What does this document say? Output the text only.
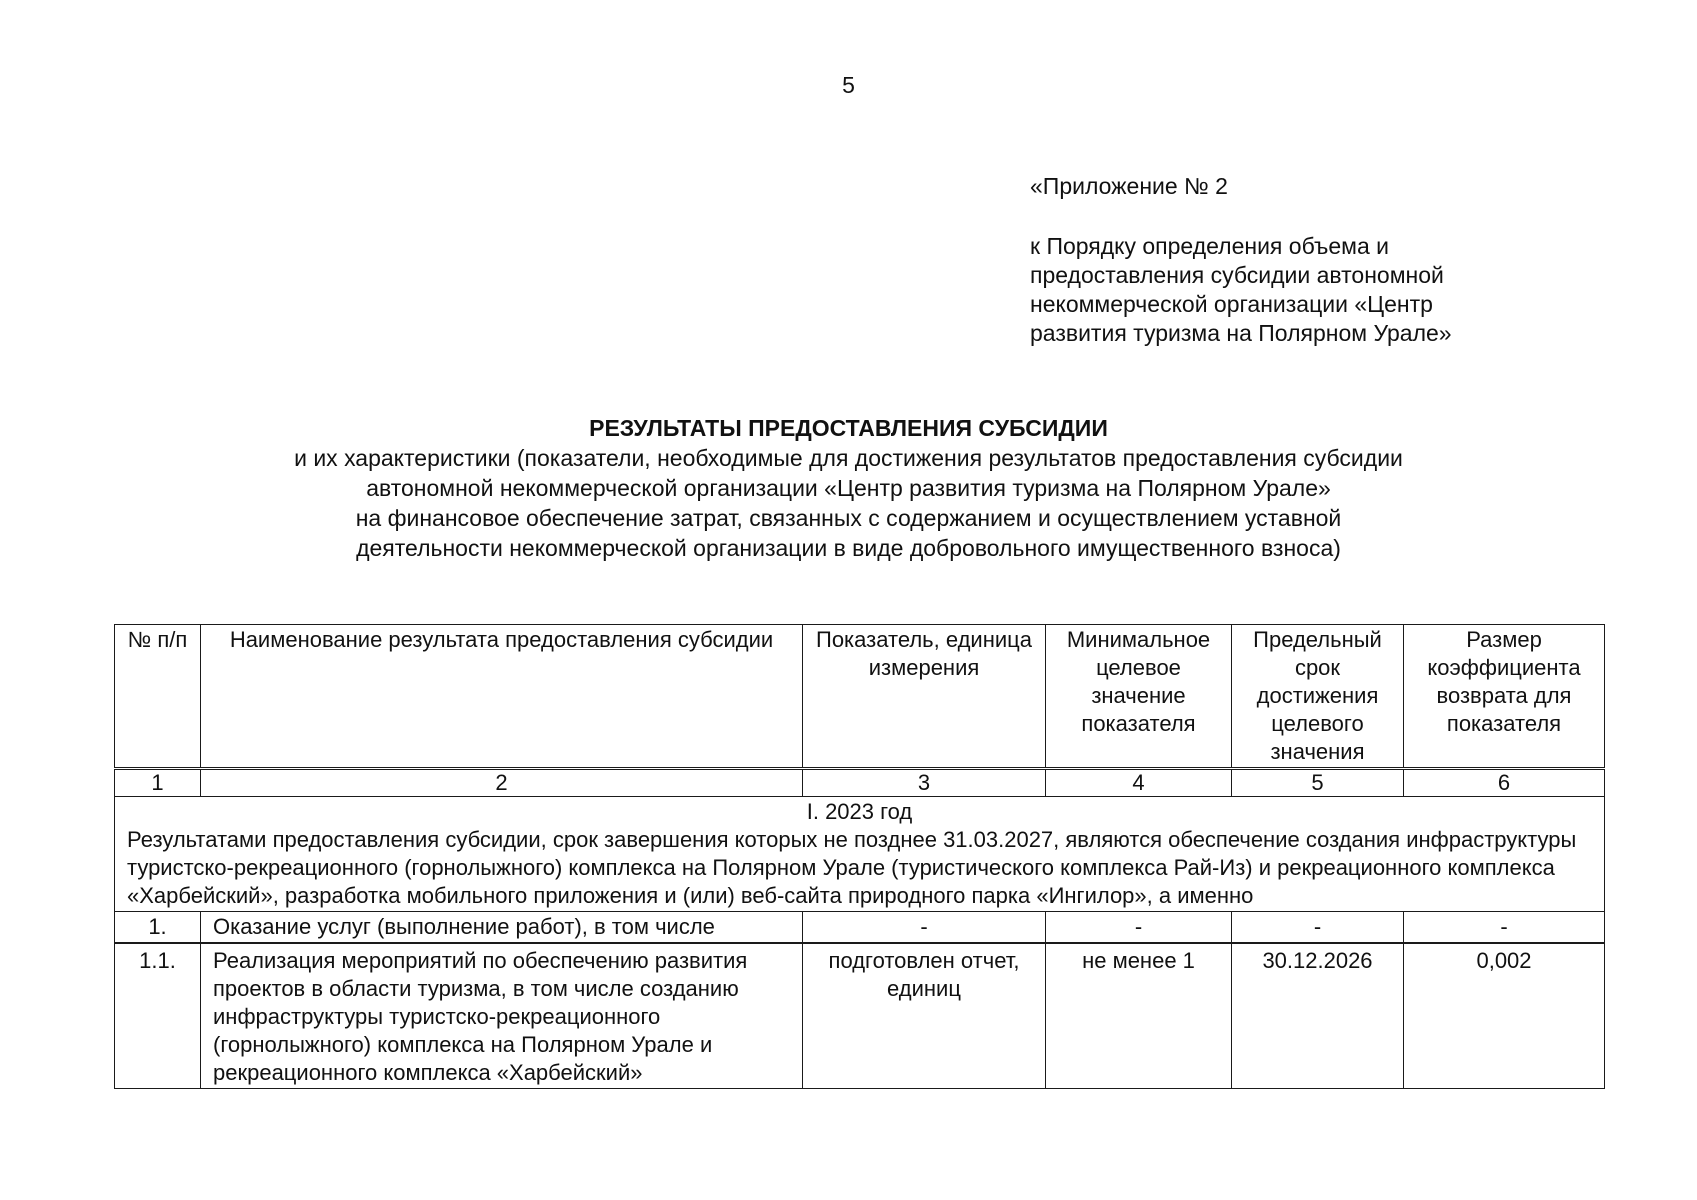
5

«Приложение № 2

к Порядку определения объема и

предоставления субсидии автономной

некоммерческой организации «Центр

развития туризма на Полярном Урале»

РЕЗУЛЬТАТЫ ПРЕДОСТАВЛЕНИЯ СУБСИДИИ

и их характеристики (показатели, необходимые для достижения результатов предоставления субсидии

автономной некоммерческой организации «Центр развития туризма на Полярном Урале»

на финансовое обеспечение затрат, связанных с содержанием и осуществлением уставной

деятельности некоммерческой организации в виде добровольного имущественного взноса)

№ п/п	Наименование результата предоставления субсидии	Показатель, единица измерения	Минимальное целевое значение показателя	Предельный срок достижения целевого значения	Размер коэффициента возврата для показателя
1	2	3	4	5	6

I. 2023 год
Результатами предоставления субсидии, срок завершения которых не позднее 31.03.2027, являются обеспечение создания инфраструктуры туристско-рекреационного (горнолыжного) комплекса на Полярном Урале (туристического комплекса Рай-Из) и рекреационного комплекса «Харбейский», разработка мобильного приложения и (или) веб-сайта природного парка «Ингилор», а именно					

1.	Оказание услуг (выполнение работ), в том числе	-	-	-	-
1.1.	Реализация мероприятий по обеспечению развития проектов в области туризма, в том числе созданию инфраструктуры туристско-рекреационного (горнолыжного) комплекса на Полярном Урале и рекреационного комплекса «Харбейский»	подготовлен отчет, единиц	не менее 1	30.12.2026	0,002
